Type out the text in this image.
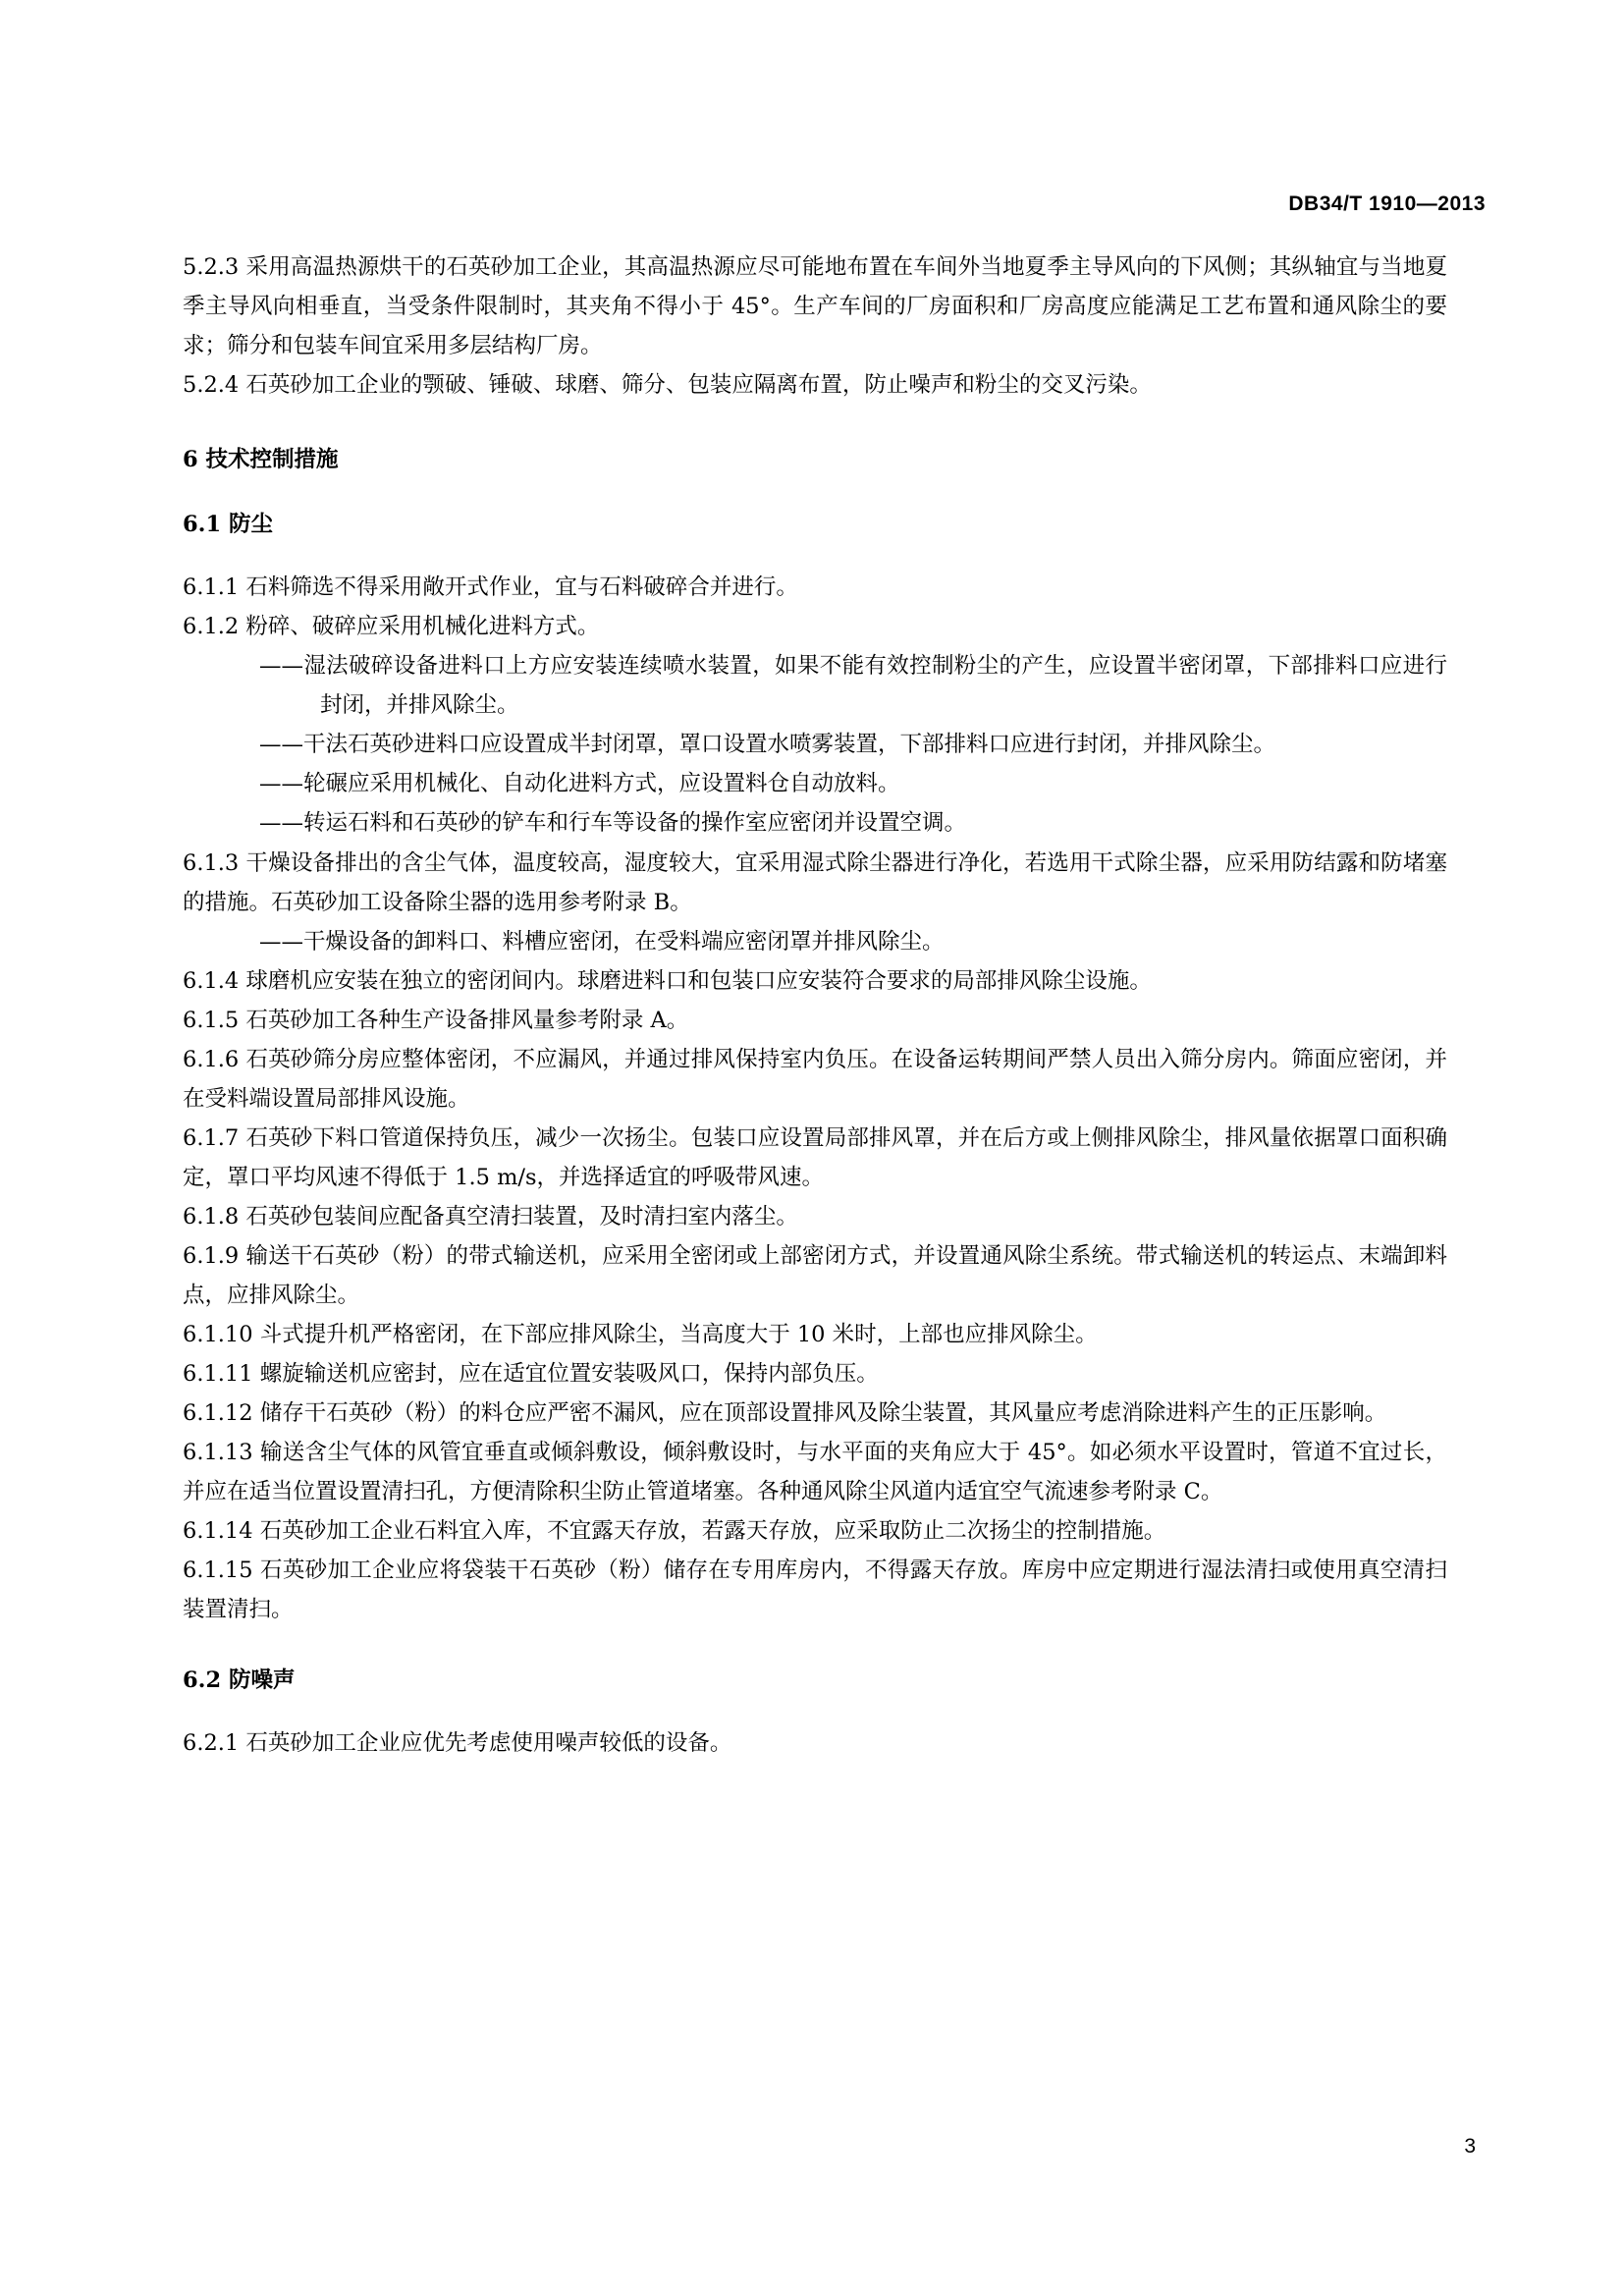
DB34/T 1910—2013

5.2.3 采用高温热源烘干的石英砂加工企业，其高温热源应尽可能地布置在车间外当地夏季主导风向的下风侧；其纵轴宜与当地夏季主导风向相垂直，当受条件限制时，其夹角不得小于 45°。生产车间的厂房面积和厂房高度应能满足工艺布置和通风除尘的要求；筛分和包装车间宜采用多层结构厂房。

5.2.4 石英砂加工企业的颚破、锤破、球磨、筛分、包装应隔离布置，防止噪声和粉尘的交叉污染。

6 技术控制措施
6.1 防尘

6.1.1 石料筛选不得采用敞开式作业，宜与石料破碎合并进行。

6.1.2 粉碎、破碎应采用机械化进料方式。

——湿法破碎设备进料口上方应安装连续喷水装置，如果不能有效控制粉尘的产生，应设置半密闭罩，下部排料口应进行封闭，并排风除尘。

——干法石英砂进料口应设置成半封闭罩，罩口设置水喷雾装置，下部排料口应进行封闭，并排风除尘。

——轮碾应采用机械化、自动化进料方式，应设置料仓自动放料。

——转运石料和石英砂的铲车和行车等设备的操作室应密闭并设置空调。

6.1.3 干燥设备排出的含尘气体，温度较高，湿度较大，宜采用湿式除尘器进行净化，若选用干式除尘器，应采用防结露和防堵塞的措施。石英砂加工设备除尘器的选用参考附录 B。

——干燥设备的卸料口、料槽应密闭，在受料端应密闭罩并排风除尘。

6.1.4 球磨机应安装在独立的密闭间内。球磨进料口和包装口应安装符合要求的局部排风除尘设施。

6.1.5 石英砂加工各种生产设备排风量参考附录 A。

6.1.6 石英砂筛分房应整体密闭，不应漏风，并通过排风保持室内负压。在设备运转期间严禁人员出入筛分房内。筛面应密闭，并在受料端设置局部排风设施。

6.1.7 石英砂下料口管道保持负压，减少一次扬尘。包装口应设置局部排风罩，并在后方或上侧排风除尘，排风量依据罩口面积确定，罩口平均风速不得低于 1.5 m/s，并选择适宜的呼吸带风速。

6.1.8 石英砂包装间应配备真空清扫装置，及时清扫室内落尘。

6.1.9 输送干石英砂（粉）的带式输送机，应采用全密闭或上部密闭方式，并设置通风除尘系统。带式输送机的转运点、末端卸料点，应排风除尘。

6.1.10 斗式提升机严格密闭，在下部应排风除尘，当高度大于 10 米时，上部也应排风除尘。

6.1.11 螺旋输送机应密封，应在适宜位置安装吸风口，保持内部负压。

6.1.12 储存干石英砂（粉）的料仓应严密不漏风，应在顶部设置排风及除尘装置，其风量应考虑消除进料产生的正压影响。

6.1.13 输送含尘气体的风管宜垂直或倾斜敷设，倾斜敷设时，与水平面的夹角应大于 45°。如必须水平设置时，管道不宜过长，并应在适当位置设置清扫孔，方便清除积尘防止管道堵塞。各种通风除尘风道内适宜空气流速参考附录 C。

6.1.14 石英砂加工企业石料宜入库，不宜露天存放，若露天存放，应采取防止二次扬尘的控制措施。

6.1.15 石英砂加工企业应将袋装干石英砂（粉）储存在专用库房内，不得露天存放。库房中应定期进行湿法清扫或使用真空清扫装置清扫。

6.2 防噪声

6.2.1 石英砂加工企业应优先考虑使用噪声较低的设备。

3
